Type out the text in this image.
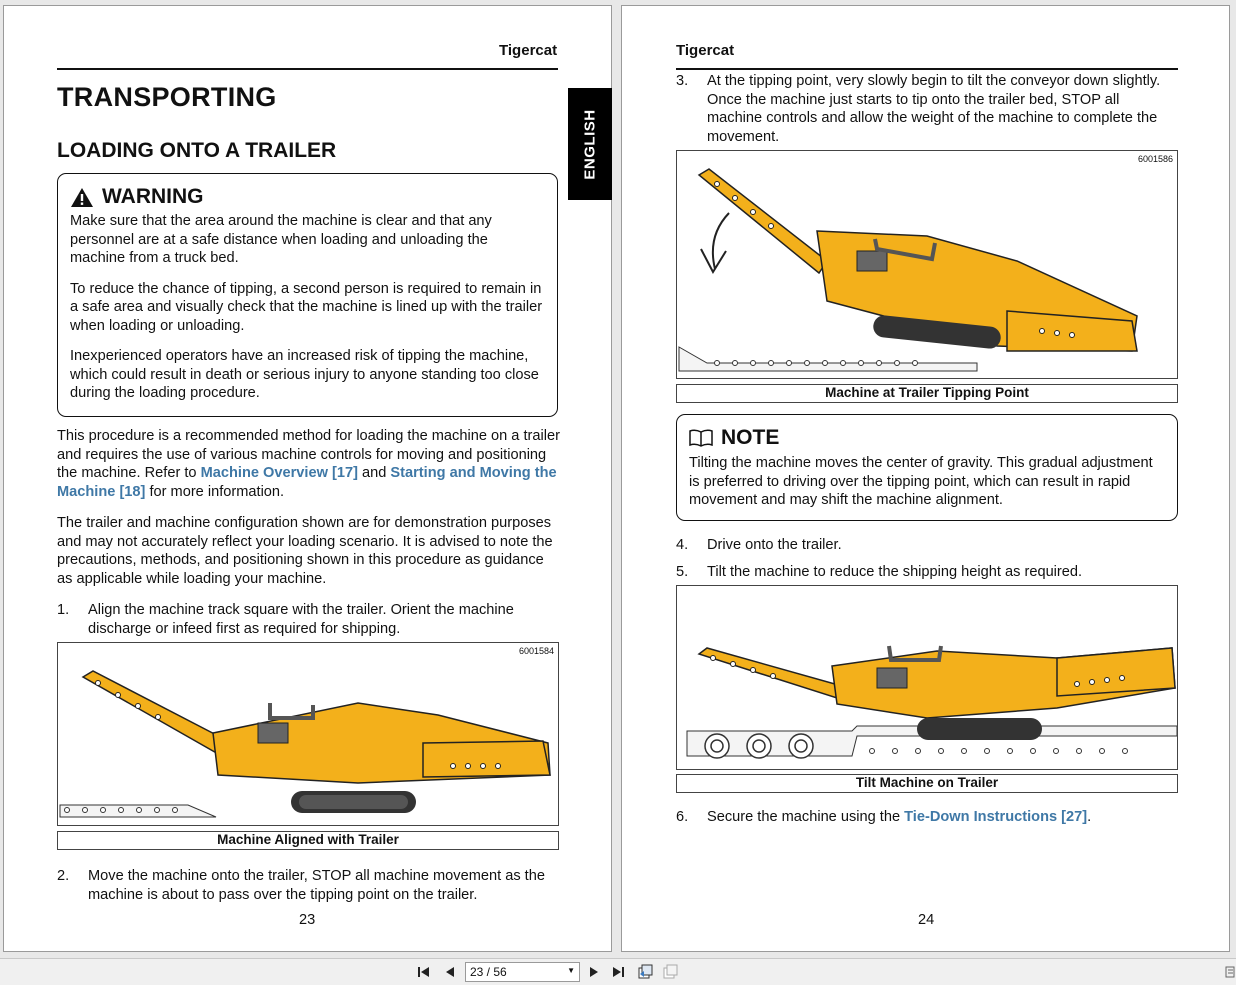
Tigercat
TRANSPORTING
LOADING ONTO A TRAILER
WARNING

Make sure that the area around the machine is clear and that any personnel are at a safe distance when loading and unloading the machine from a truck bed.

To reduce the chance of tipping, a second person is required to remain in a safe area and visually check that the machine is lined up with the trailer when loading or unloading.

Inexperienced operators have an increased risk of tipping the machine, which could result in death or serious injury to anyone standing too close during the loading procedure.

This procedure is a recommended method for loading the machine on a trailer and requires the use of various machine controls for moving and positioning the machine. Refer to Machine Overview [17] and Starting and Moving the Machine [18] for more information.
The trailer and machine configuration shown are for demonstration purposes and may not accurately reflect your loading scenario. It is advised to note the precautions, methods, and positioning shown in this procedure as guidance as applicable while loading your machine.
1.	Align the machine track square with the trailer. Orient the machine discharge or infeed first as required for shipping.
6001584
Machine Aligned with Trailer
2.	Move the machine onto the trailer, STOP all machine movement as the machine is about to pass over the tipping point on the trailer.
23
ENGLISH
Tigercat
3.	At the tipping point, very slowly begin to tilt the conveyor down slightly. Once the machine just starts to tip onto the trailer bed, STOP all machine controls and allow the weight of the machine to complete the movement.
6001586
Machine at Trailer Tipping Point
NOTE

Tilting the machine moves the center of gravity. This gradual adjustment is preferred to driving over the tipping point, which can result in rapid movement and may shift the machine alignment.

4.	Drive onto the trailer.
5.	Tilt the machine to reduce the shipping height as required.
Tilt Machine on Trailer
6.	Secure the machine using the Tie-Down Instructions [27].
24
23 / 56	▼
